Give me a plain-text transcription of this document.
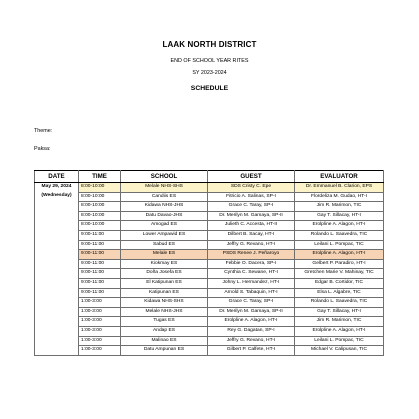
LAAK NORTH DISTRICT
END OF SCHOOL YEAR RITES
SY 2023-2024
SCHEDULE
Theme:
Paksa:
DATE	TIME	SCHOOL	GUEST	EVALUATOR

May 29, 2024
(Wednesday)	8:00-10:00	Melale NHS-SHS	SDS Cristy C. Epe	Dr. Emmanuel B. Clarion, EPS
	8:00-10:00	Candiis ES	Fitricio A. Salinas, SP-I	Flordeliza M. Gudao, HT-I
	8:00-10:00	Kidawa NHS-JHS	Grace C. Taray, SP-I	Jim R. Marimon, TIC
	8:00-10:00	Datu Davao-JHS	Dr. Merilyn M. Gamaya, SP-II	Gay T. Sillacay, HT-I
	8:00-10:00	Amogad ES	Julieth C. Accesta, HT-II	Erolpline A. Alagon, HT-I
	9:00-11:00	Lower Ampawid ES	Dilbert B. Sacay, HT-I	Rolando L. Saavedra, TIC
	9:00-11:00	Sabud ES	Jeffry G. Revano, HT-I	Leilani L. Pompac, TIC
	9:00-11:00	Melale ES	PSDS Renee J. Peñaroyo	Erolpline A. Alagon, HT-I
	9:00-11:00	Kiokmay ES	Febbie O. Dacera, SP-I	Gelbert P. Paradiro, HT-I
	9:00-11:00	Doña Josefa ES	Cynthia C. Sewane, HT-I	Gretchen Marie V. Mahinay, TIC
	9:00-11:00	El Katipunan ES	Johny L. Hermandez, HT-I	Edgar B. Cortidor, TIC
	9:00-11:00	Katipunan ES	Arnold S. Tabaquin, HT-I	Elsa L. Algabre, TIC
	1:00-3:00	Kidawa NHS-SHS	Grace C. Taray, SP-I	Rolando L. Saavedra, TIC
	1:00-3:00	Melale NHS-JHS	Dr. Merilyn M. Gamaya, SP-II	Gay T. Sillacay, HT-I
	1:00-3:00	Tugas ES	Erolpline A. Alagon, HT-I	Jim R. Marimon, TIC
	1:00-3:00	Andap ES	Rey G. Dagatan, SP-I	Erolpline A. Alagon, HT-I
	1:00-3:00	Malinao ES	Jeffry G. Revano, HT-I	Leilani L. Pompac, TIC
	1:00-3:00	Datu Ampunan ES	Gilbert P. Calfete, HT-I	Michael V. Calipusan, TIC
